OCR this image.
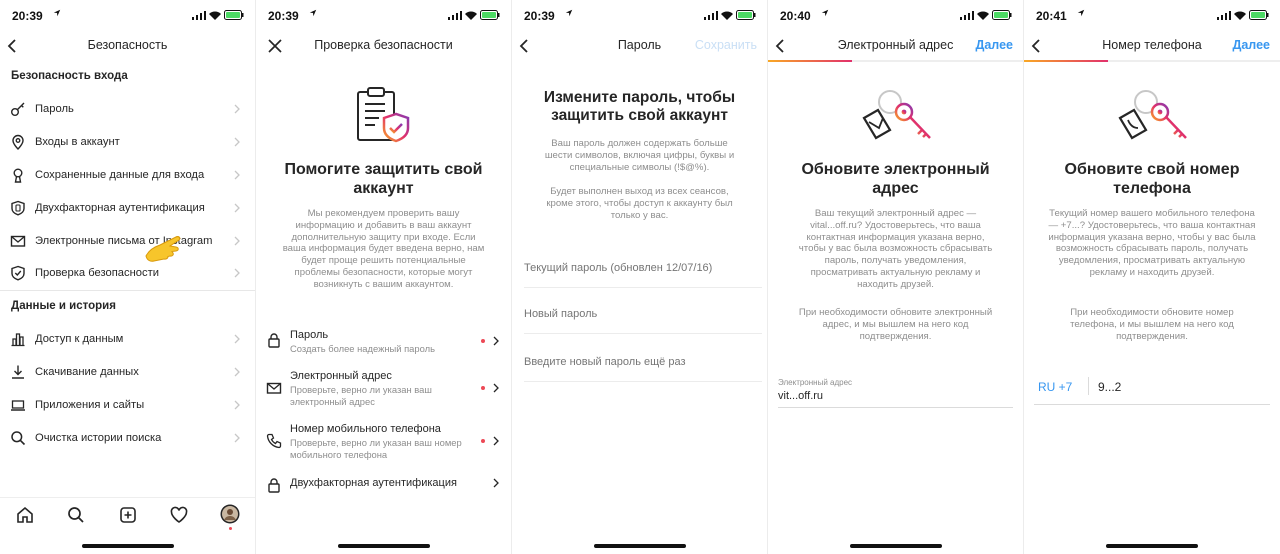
20:39
Безопасность
Безопасность входа
Пароль
Входы в аккаунт
Сохраненные данные для входа
Двухфакторная аутентификация
Электронные письма от Instagram
Проверка безопасности
Данные и история
Доступ к данным
Скачивание данных
Приложения и сайты
Очистка истории поиска
20:39
Проверка безопасности
Помогите защитить свой аккаунт
Мы рекомендуем проверить вашу информацию и добавить в ваш аккаунт дополнительную защиту при входе. Если ваша информация будет введена верно, нам будет проще решить потенциальные проблемы безопасности, которые могут возникнуть с вашим аккаунтом.
Пароль
Создать более надежный пароль
Электронный адрес
Проверьте, верно ли указан ваш электронный адрес
Номер мобильного телефона
Проверьте, верно ли указан ваш номер мобильного телефона
Двухфакторная аутентификация
20:39
Пароль	Сохранить
Измените пароль, чтобы защитить свой аккаунт
Ваш пароль должен содержать больше шести символов, включая цифры, буквы и специальные символы (!$@%).
Будет выполнен выход из всех сеансов, кроме этого, чтобы доступ к аккаунту был только у вас.
20:40
Электронный адрес	Далее
Обновите электронный адрес
Ваш текущий электронный адрес — vital...off.ru? Удостоверьтесь, что ваша контактная информация указана верно, чтобы у вас была возможность сбрасывать пароль, получать уведомления, просматривать актуальную рекламу и находить друзей.
При необходимости обновите электронный адрес, и мы вышлем на него код подтверждения.
Электронный адрес
vit...off.ru
20:41
Номер телефона	Далее
Обновите свой номер телефона
Текущий номер вашего мобильного телефона — +7...? Удостоверьтесь, что ваша контактная информация указана верно, чтобы у вас была возможность сбрасывать пароль, получать уведомления, просматривать актуальную рекламу и находить друзей.
При необходимости обновите номер телефона, и мы вышлем на него код подтверждения.
RU +7 9...2
